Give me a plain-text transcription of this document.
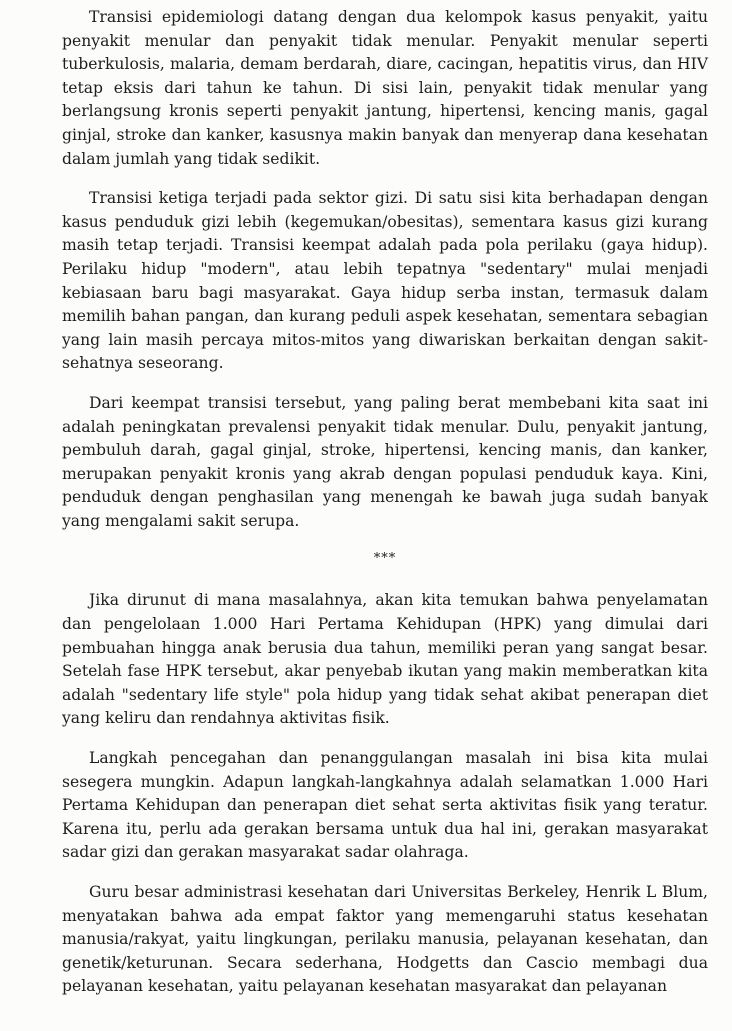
Transisi epidemiologi datang dengan dua kelompok kasus penyakit, yaitu penyakit menular dan penyakit tidak menular. Penyakit menular seperti tuberkulosis, malaria, demam berdarah, diare, cacingan, hepatitis virus, dan HIV tetap eksis dari tahun ke tahun. Di sisi lain, penyakit tidak menular yang berlangsung kronis seperti penyakit jantung, hipertensi, kencing manis, gagal ginjal, stroke dan kanker, kasusnya makin banyak dan menyerap dana kesehatan dalam jumlah yang tidak sedikit.

Transisi ketiga terjadi pada sektor gizi. Di satu sisi kita berhadapan dengan kasus penduduk gizi lebih (kegemukan/obesitas), sementara kasus gizi kurang masih tetap terjadi. Transisi keempat adalah pada pola perilaku (gaya hidup). Perilaku hidup "modern", atau lebih tepatnya "sedentary" mulai menjadi kebiasaan baru bagi masyarakat. Gaya hidup serba instan, termasuk dalam memilih bahan pangan, dan kurang peduli aspek kesehatan, sementara sebagian yang lain masih percaya mitos-mitos yang diwariskan berkaitan dengan sakit-sehatnya seseorang.

Dari keempat transisi tersebut, yang paling berat membebani kita saat ini adalah peningkatan prevalensi penyakit tidak menular. Dulu, penyakit jantung, pembuluh darah, gagal ginjal, stroke, hipertensi, kencing manis, dan kanker, merupakan penyakit kronis yang akrab dengan populasi penduduk kaya. Kini, penduduk dengan penghasilan yang menengah ke bawah juga sudah banyak yang mengalami sakit serupa.

***

Jika dirunut di mana masalahnya, akan kita temukan bahwa penyelamatan dan pengelolaan 1.000 Hari Pertama Kehidupan (HPK) yang dimulai dari pembuahan hingga anak berusia dua tahun, memiliki peran yang sangat besar. Setelah fase HPK tersebut, akar penyebab ikutan yang makin memberatkan kita adalah "sedentary life style" pola hidup yang tidak sehat akibat penerapan diet yang keliru dan rendahnya aktivitas fisik.

Langkah pencegahan dan penanggulangan masalah ini bisa kita mulai sesegera mungkin. Adapun langkah-langkahnya adalah selamatkan 1.000 Hari Pertama Kehidupan dan penerapan diet sehat serta aktivitas fisik yang teratur. Karena itu, perlu ada gerakan bersama untuk dua hal ini, gerakan masyarakat sadar gizi dan gerakan masyarakat sadar olahraga.

Guru besar administrasi kesehatan dari Universitas Berkeley, Henrik L Blum, menyatakan bahwa ada empat faktor yang memengaruhi status kesehatan manusia/rakyat, yaitu lingkungan, perilaku manusia, pelayanan kesehatan, dan genetik/keturunan. Secara sederhana, Hodgetts dan Cascio membagi dua pelayanan kesehatan, yaitu pelayanan kesehatan masyarakat dan pelayanan
